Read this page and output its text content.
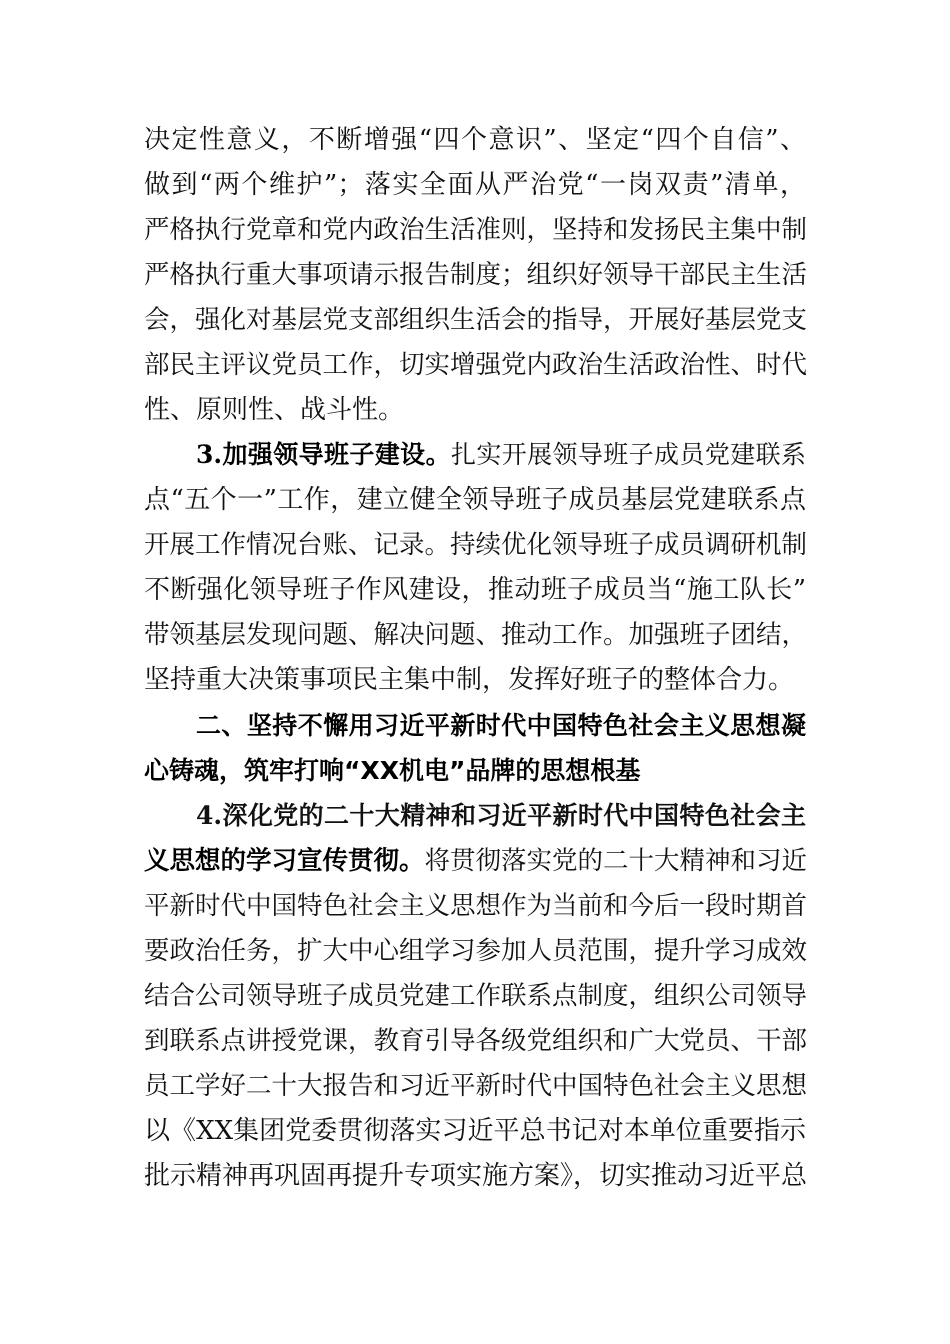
决定性意义，不断增强“四个意识”、坚定“四个自信”、
做到“两个维护”；落实全面从严治党“一岗双责”清单，
严格执行党章和党内政治生活准则，坚持和发扬民主集中制
严格执行重大事项请示报告制度；组织好领导干部民主生活
会，强化对基层党支部组织生活会的指导，开展好基层党支
部民主评议党员工作，切实增强党内政治生活政治性、时代
性、原则性、战斗性。
3.加强领导班子建设。扎实开展领导班子成员党建联系
点“五个一”工作，建立健全领导班子成员基层党建联系点
开展工作情况台账、记录。持续优化领导班子成员调研机制
不断强化领导班子作风建设，推动班子成员当“施工队长”
带领基层发现问题、解决问题、推动工作。加强班子团结，
坚持重大决策事项民主集中制，发挥好班子的整体合力。
二、坚持不懈用习近平新时代中国特色社会主义思想凝
心铸魂，筑牢打响“XX机电”品牌的思想根基
4.深化党的二十大精神和习近平新时代中国特色社会主
义思想的学习宣传贯彻。将贯彻落实党的二十大精神和习近
平新时代中国特色社会主义思想作为当前和今后一段时期首
要政治任务，扩大中心组学习参加人员范围，提升学习成效
结合公司领导班子成员党建工作联系点制度，组织公司领导
到联系点讲授党课，教育引导各级党组织和广大党员、干部
员工学好二十大报告和习近平新时代中国特色社会主义思想
以《XX集团党委贯彻落实习近平总书记对本单位重要指示
批示精神再巩固再提升专项实施方案》，切实推动习近平总
